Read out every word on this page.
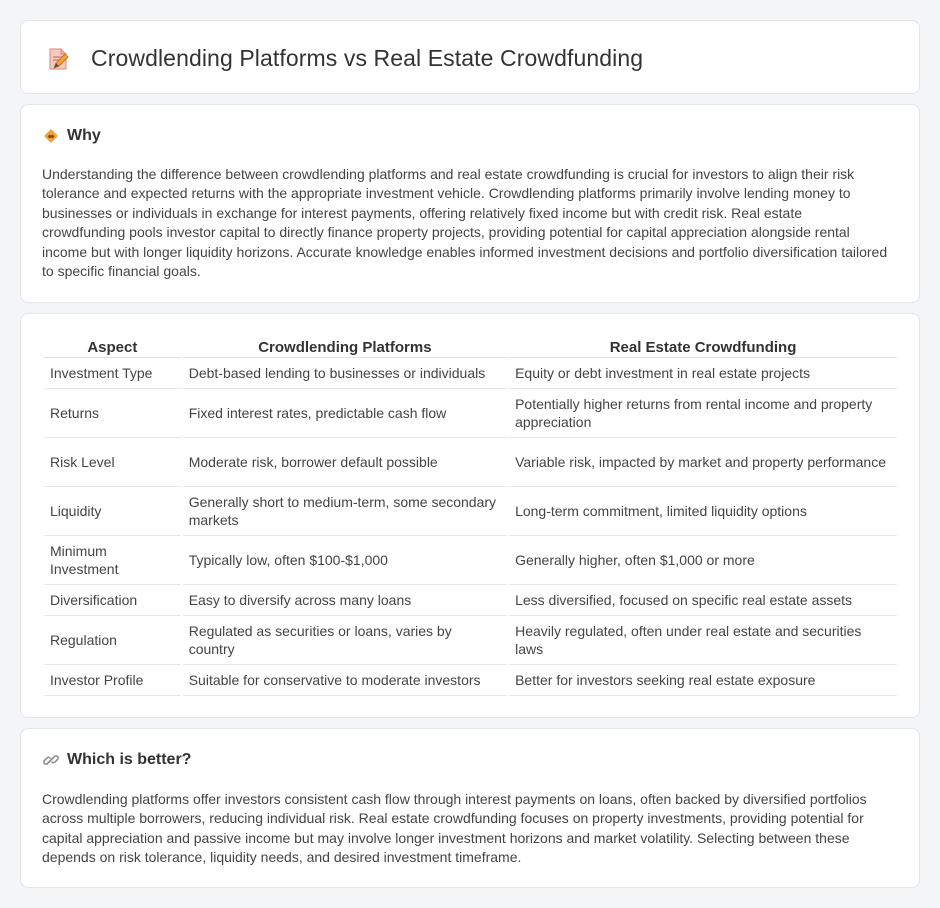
Crowdlending Platforms vs Real Estate Crowdfunding
Why

Understanding the difference between crowdlending platforms and real estate crowdfunding is crucial for investors to align their risk tolerance and expected returns with the appropriate investment vehicle. Crowdlending platforms primarily involve lending money to businesses or individuals in exchange for interest payments, offering relatively fixed income but with credit risk. Real estate crowdfunding pools investor capital to directly finance property projects, providing potential for capital appreciation alongside rental income but with longer liquidity horizons. Accurate knowledge enables informed investment decisions and portfolio diversification tailored to specific financial goals.

Aspect	Crowdlending Platforms	Real Estate Crowdfunding
Investment Type	Debt-based lending to businesses or individuals	Equity or debt investment in real estate projects
Returns	Fixed interest rates, predictable cash flow	Potentially higher returns from rental income and property appreciation
Risk Level	Moderate risk, borrower default possible	Variable risk, impacted by market and property performance
Liquidity	Generally short to medium-term, some secondary markets	Long-term commitment, limited liquidity options
Minimum Investment	Typically low, often $100-$1,000	Generally higher, often $1,000 or more
Diversification	Easy to diversify across many loans	Less diversified, focused on specific real estate assets
Regulation	Regulated as securities or loans, varies by country	Heavily regulated, often under real estate and securities laws
Investor Profile	Suitable for conservative to moderate investors	Better for investors seeking real estate exposure
Which is better?

Crowdlending platforms offer investors consistent cash flow through interest payments on loans, often backed by diversified portfolios across multiple borrowers, reducing individual risk. Real estate crowdfunding focuses on property investments, providing potential for capital appreciation and passive income but may involve longer investment horizons and market volatility. Selecting between these depends on risk tolerance, liquidity needs, and desired investment timeframe.
